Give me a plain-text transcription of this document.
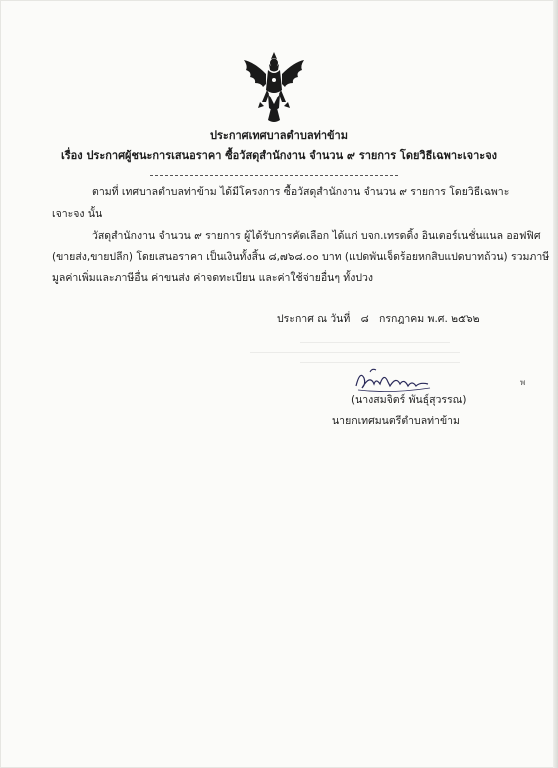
ประกาศเทศบาลตำบลท่าข้าม
เรื่อง ประกาศผู้ชนะการเสนอราคา ซื้อวัสดุสำนักงาน จำนวน ๙ รายการ โดยวิธีเฉพาะเจาะจง
ตามที่ เทศบาลตำบลท่าข้าม ได้มีโครงการ ซื้อวัสดุสำนักงาน จำนวน ๙ รายการ โดยวิธีเฉพาะ
เจาะจง นั้น
วัสดุสำนักงาน จำนวน ๙ รายการ ผู้ได้รับการคัดเลือก ได้แก่ บจก.เทรดดิ้ง อินเตอร์เนชั่นแนล ออฟฟิศ
(ขายส่ง,ขายปลีก) โดยเสนอราคา เป็นเงินทั้งสิ้น ๘,๗๖๘.๐๐ บาท (แปดพันเจ็ดร้อยหกสิบแปดบาทถ้วน) รวมภาษี
มูลค่าเพิ่มและภาษีอื่น ค่าขนส่ง ค่าจดทะเบียน และค่าใช้จ่ายอื่นๆ ทั้งปวง
ประกาศ ณ วันที่ ๘ กรกฎาคม พ.ศ. ๒๕๖๒
(นางสมจิตร์ พันธุ์สุวรรณ)
นายกเทศมนตรีตำบลท่าข้าม
พ
